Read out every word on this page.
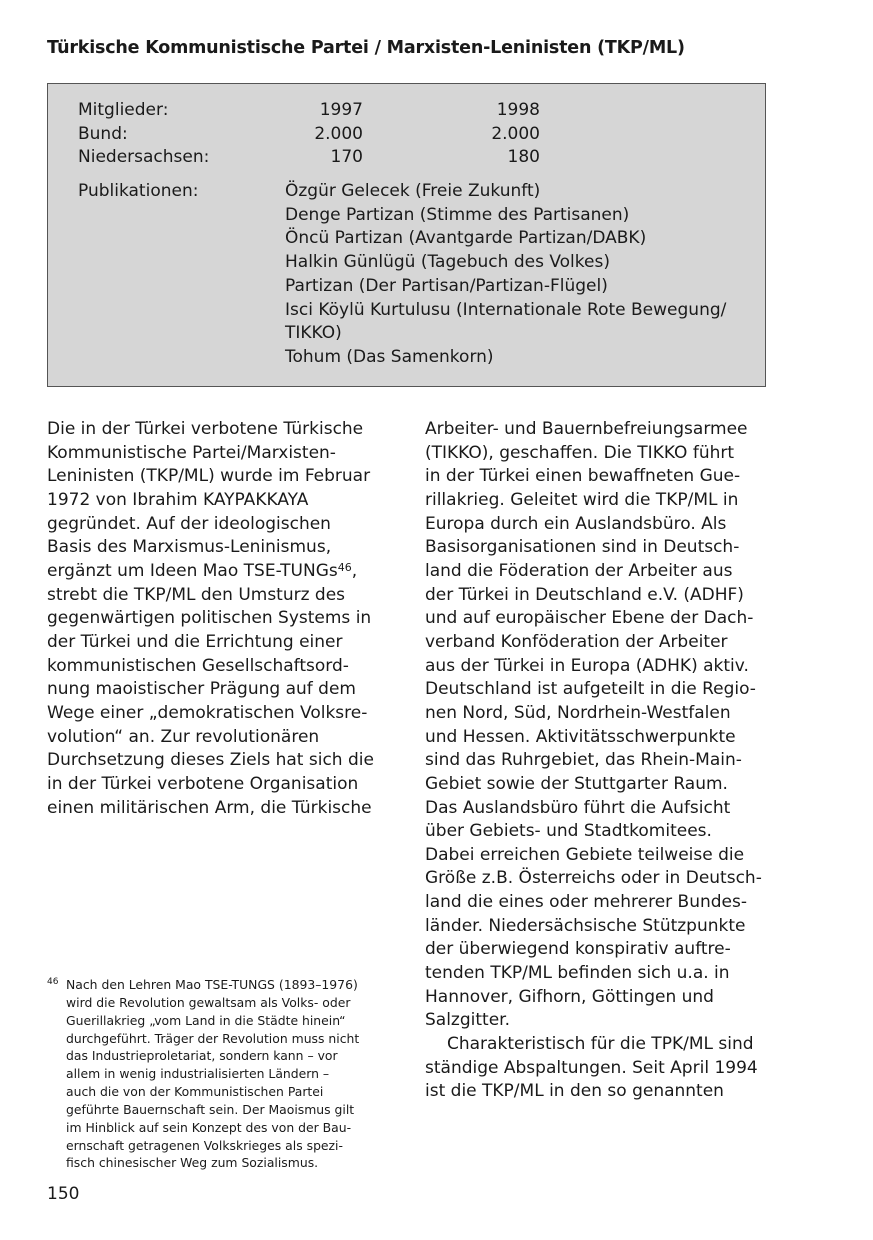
Türkische Kommunistische Partei / Marxisten-Leninisten (TKP/ML)
Mitglieder:	1997	1998
Bund:	2.000	2.000
Niedersachsen:	170	180
Publikationen:	Özgür Gelecek (Freie Zukunft)
Denge Partizan (Stimme des Partisanen)
Öncü Partizan (Avantgarde Partizan/DABK)
Halkin Günlügü (Tagebuch des Volkes)
Partizan (Der Partisan/Partizan-Flügel)
Isci Köylü Kurtulusu (Internationale Rote Bewegung/
TIKKO)
Tohum (Das Samenkorn)
Die in der Türkei verbotene Türkische
Kommunistische Partei/Marxisten-
Leninisten (TKP/ML) wurde im Februar
1972 von Ibrahim KAYPAKKAYA
gegründet. Auf der ideologischen
Basis des Marxismus-Leninismus,
ergänzt um Ideen Mao TSE-TUNGs$^{46}$,
strebt die TKP/ML den Umsturz des
gegenwärtigen politischen Systems in
der Türkei und die Errichtung einer
kommunistischen Gesellschaftsord-
nung maoistischer Prägung auf dem
Wege einer „demokratischen Volksre-
volution“ an. Zur revolutionären
Durchsetzung dieses Ziels hat sich die
in der Türkei verbotene Organisation
einen militärischen Arm, die Türkische
Arbeiter- und Bauernbefreiungsarmee
(TIKKO), geschaffen. Die TIKKO führt
in der Türkei einen bewaffneten Gue-
rillakrieg. Geleitet wird die TKP/ML in
Europa durch ein Auslandsbüro. Als
Basisorganisationen sind in Deutsch-
land die Föderation der Arbeiter aus
der Türkei in Deutschland e.V. (ADHF)
und auf europäischer Ebene der Dach-
verband Konföderation der Arbeiter
aus der Türkei in Europa (ADHK) aktiv.
Deutschland ist aufgeteilt in die Regio-
nen Nord, Süd, Nordrhein-Westfalen
und Hessen. Aktivitätsschwerpunkte
sind das Ruhrgebiet, das Rhein-Main-
Gebiet sowie der Stuttgarter Raum.
Das Auslandsbüro führt die Aufsicht
über Gebiets- und Stadtkomitees.
Dabei erreichen Gebiete teilweise die
Größe z.B. Österreichs oder in Deutsch-
land die eines oder mehrerer Bundes-
länder. Niedersächsische Stützpunkte
der überwiegend konspirativ auftre-
tenden TKP/ML befinden sich u.a. in
Hannover, Gifhorn, Göttingen und
Salzgitter.
Charakteristisch für die TPK/ML sind
ständige Abspaltungen. Seit April 1994
ist die TKP/ML in den so genannten
46 Nach den Lehren Mao TSE-TUNGS (1893–1976)
wird die Revolution gewaltsam als Volks- oder
Guerillakrieg „vom Land in die Städte hinein“
durchgeführt. Träger der Revolution muss nicht
das Industrieproletariat, sondern kann – vor
allem in wenig industrialisierten Ländern –
auch die von der Kommunistischen Partei
geführte Bauernschaft sein. Der Maoismus gilt
im Hinblick auf sein Konzept des von der Bau-
ernschaft getragenen Volkskrieges als spezi-
fisch chinesischer Weg zum Sozialismus.
150
